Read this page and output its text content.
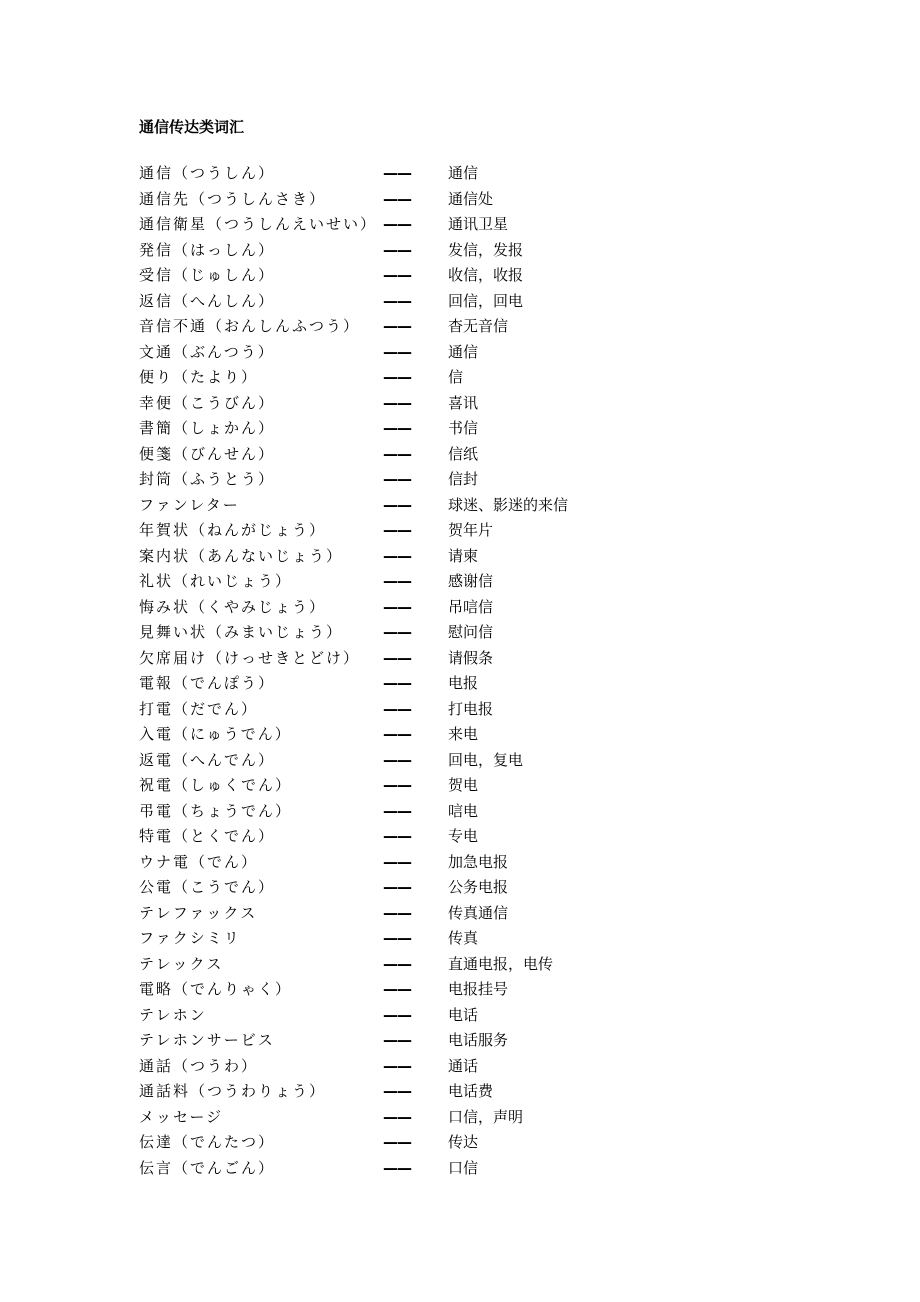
通信传达类词汇
通信（つうしん）	—— 通信
通信先（つうしんさき）	—— 通信处
通信衛星（つうしんえいせい） —— 通讯卫星
発信（はっしん）	—— 发信，发报
受信（じゅしん）	—— 收信，收报
返信（へんしん）	—— 回信，回电
音信不通（おんしんふつう） —— 杳无音信
文通（ぶんつう）	—— 通信
便り（たより）	—— 信
幸便（こうびん）	—— 喜讯
書簡（しょかん）	—— 书信
便箋（びんせん）	—— 信纸
封筒（ふうとう）	—— 信封
ファンレター	—— 球迷、影迷的来信
年賀状（ねんがじょう）	—— 贺年片
案内状（あんないじょう）	—— 请柬
礼状（れいじょう）	—— 感谢信
悔み状（くやみじょう）	—— 吊唁信
見舞い状（みまいじょう）	—— 慰问信
欠席届け（けっせきとどけ） —— 请假条
電報（でんぽう）	—— 电报
打電（だでん）	—— 打电报
入電（にゅうでん）	—— 来电
返電（へんでん）	—— 回电，复电
祝電（しゅくでん）	—— 贺电
弔電（ちょうでん）	—— 唁电
特電（とくでん）	—— 专电
ウナ電（でん）	—— 加急电报
公電（こうでん）	—— 公务电报
テレファックス	—— 传真通信
ファクシミリ	—— 传真
テレックス	—— 直通电报，电传
電略（でんりゃく）	—— 电报挂号
テレホン	—— 电话
テレホンサービス	—— 电话服务
通話（つうわ）	—— 通话
通話料（つうわりょう）	—— 电话费
メッセージ	—— 口信，声明
伝達（でんたつ）	—— 传达
伝言（でんごん）	—— 口信
